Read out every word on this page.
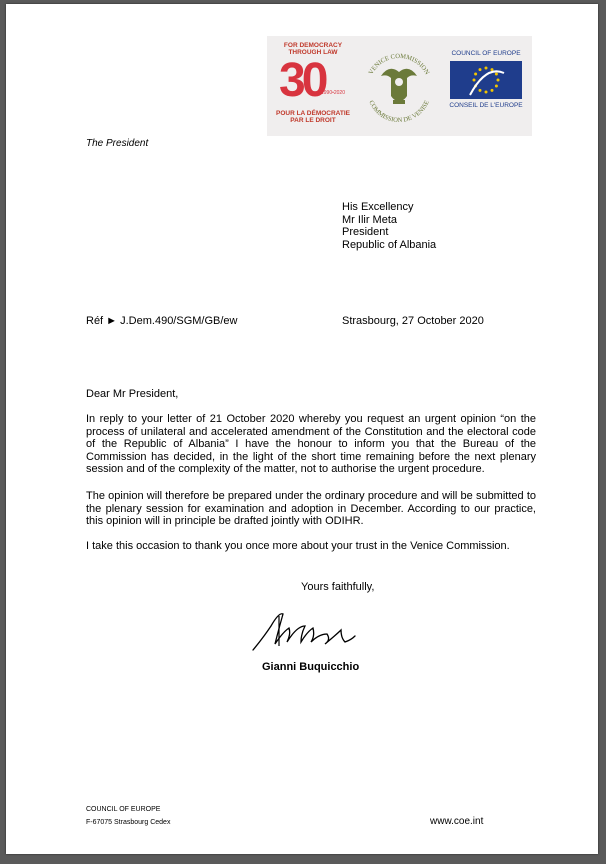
FOR DEMOCRACY
THROUGH LAW
30
1990•2020
POUR LA DÉMOCRATIE
PAR LE DROIT
VENICE COMMISSION
COMMISSION DE VENISE
COUNCIL OF EUROPE
CONSEIL DE L'EUROPE
The President
His Excellency
Mr Ilir Meta
President
Republic of Albania
Réf ► J.Dem.490/SGM/GB/ew	Strasbourg, 27 October 2020
Dear Mr President,
In reply to your letter of 21 October 2020 whereby you request an urgent opinion “on the process of unilateral and accelerated amendment of the Constitution and the electoral code of the Republic of Albania” I have the honour to inform you that the Bureau of the Commission has decided, in the light of the short time remaining before the next plenary session and of the complexity of the matter, not to authorise the urgent procedure.
The opinion will therefore be prepared under the ordinary procedure and will be submitted to the plenary session for examination and adoption in December. According to our practice, this opinion will in principle be drafted jointly with ODIHR.
I take this occasion to thank you once more about your trust in the Venice Commission.
Yours faithfully,
Gianni Buquicchio
COUNCIL OF EUROPE
F-67075 Strasbourg Cedex	www.coe.int
